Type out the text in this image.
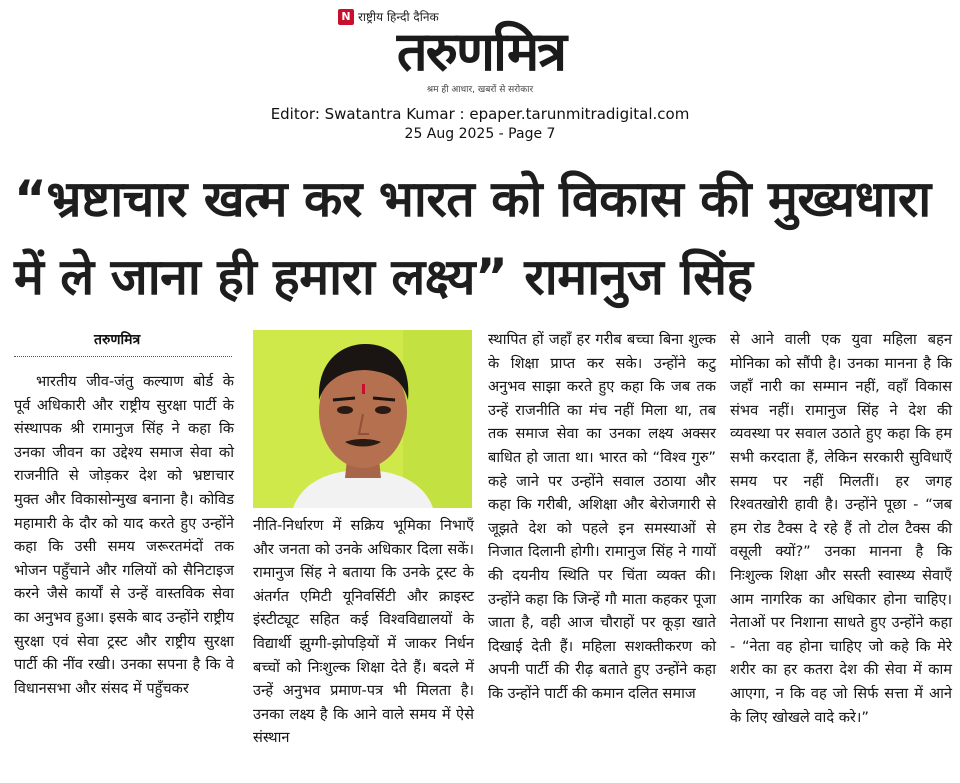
N राष्ट्रीय हिन्दी दैनिक
तरुणमित्र
श्रम ही आधार, खबरों से सरोकार
Editor: Swatantra Kumar : epaper.tarunmitradigital.com
25 Aug 2025 - Page 7
“भ्रष्टाचार खत्म कर भारत को विकास की मुख्यधारा में ले जाना ही हमारा लक्ष्य” रामानुज सिंह
तरुणमित्र
भारतीय जीव-जंतु कल्याण बोर्ड के पूर्व अधिकारी और राष्ट्रीय सुरक्षा पार्टी के संस्थापक श्री रामानुज सिंह ने कहा कि उनका जीवन का उद्देश्य समाज सेवा को राजनीति से जोड़कर देश को भ्रष्टाचार मुक्त और विकासोन्मुख बनाना है। कोविड महामारी के दौर को याद करते हुए उन्होंने कहा कि उसी समय जरूरतमंदों तक भोजन पहुँचाने और गलियों को सैनिटाइज करने जैसे कार्यों से उन्हें वास्तविक सेवा का अनुभव हुआ। इसके बाद उन्होंने राष्ट्रीय सुरक्षा एवं सेवा ट्रस्ट और राष्ट्रीय सुरक्षा पार्टी की नींव रखी। उनका सपना है कि वे विधानसभा और संसद में पहुँचकर
नीति-निर्धारण में सक्रिय भूमिका निभाएँ और जनता को उनके अधिकार दिला सकें। रामानुज सिंह ने बताया कि उनके ट्रस्ट के अंतर्गत एमिटी यूनिवर्सिटी और क्राइस्ट इंस्टीट्यूट सहित कई विश्वविद्यालयों के विद्यार्थी झुग्गी-झोपड़ियों में जाकर निर्धन बच्चों को निःशुल्क शिक्षा देते हैं। बदले में उन्हें अनुभव प्रमाण-पत्र भी मिलता है। उनका लक्ष्य है कि आने वाले समय में ऐसे संस्थान
स्थापित हों जहाँ हर गरीब बच्चा बिना शुल्क के शिक्षा प्राप्त कर सके। उन्होंने कटु अनुभव साझा करते हुए कहा कि जब तक उन्हें राजनीति का मंच नहीं मिला था, तब तक समाज सेवा का उनका लक्ष्य अक्सर बाधित हो जाता था। भारत को “विश्व गुरु” कहे जाने पर उन्होंने सवाल उठाया और कहा कि गरीबी, अशिक्षा और बेरोजगारी से जूझते देश को पहले इन समस्याओं से निजात दिलानी होगी। रामानुज सिंह ने गायों की दयनीय स्थिति पर चिंता व्यक्त की। उन्होंने कहा कि जिन्हें गौ माता कहकर पूजा जाता है, वही आज चौराहों पर कूड़ा खाते दिखाई देती हैं। महिला सशक्तीकरण को अपनी पार्टी की रीढ़ बताते हुए उन्होंने कहा कि उन्होंने पार्टी की कमान दलित समाज
से आने वाली एक युवा महिला बहन मोनिका को सौंपी है। उनका मानना है कि जहाँ नारी का सम्मान नहीं, वहाँ विकास संभव नहीं। रामानुज सिंह ने देश की व्यवस्था पर सवाल उठाते हुए कहा कि हम सभी करदाता हैं, लेकिन सरकारी सुविधाएँ समय पर नहीं मिलतीं। हर जगह रिश्वतखोरी हावी है। उन्होंने पूछा - “जब हम रोड टैक्स दे रहे हैं तो टोल टैक्स की वसूली क्यों?” उनका मानना है कि निःशुल्क शिक्षा और सस्ती स्वास्थ्य सेवाएँ आम नागरिक का अधिकार होना चाहिए। नेताओं पर निशाना साधते हुए उन्होंने कहा - “नेता वह होना चाहिए जो कहे कि मेरे शरीर का हर कतरा देश की सेवा में काम आएगा, न कि वह जो सिर्फ सत्ता में आने के लिए खोखले वादे करे।”
